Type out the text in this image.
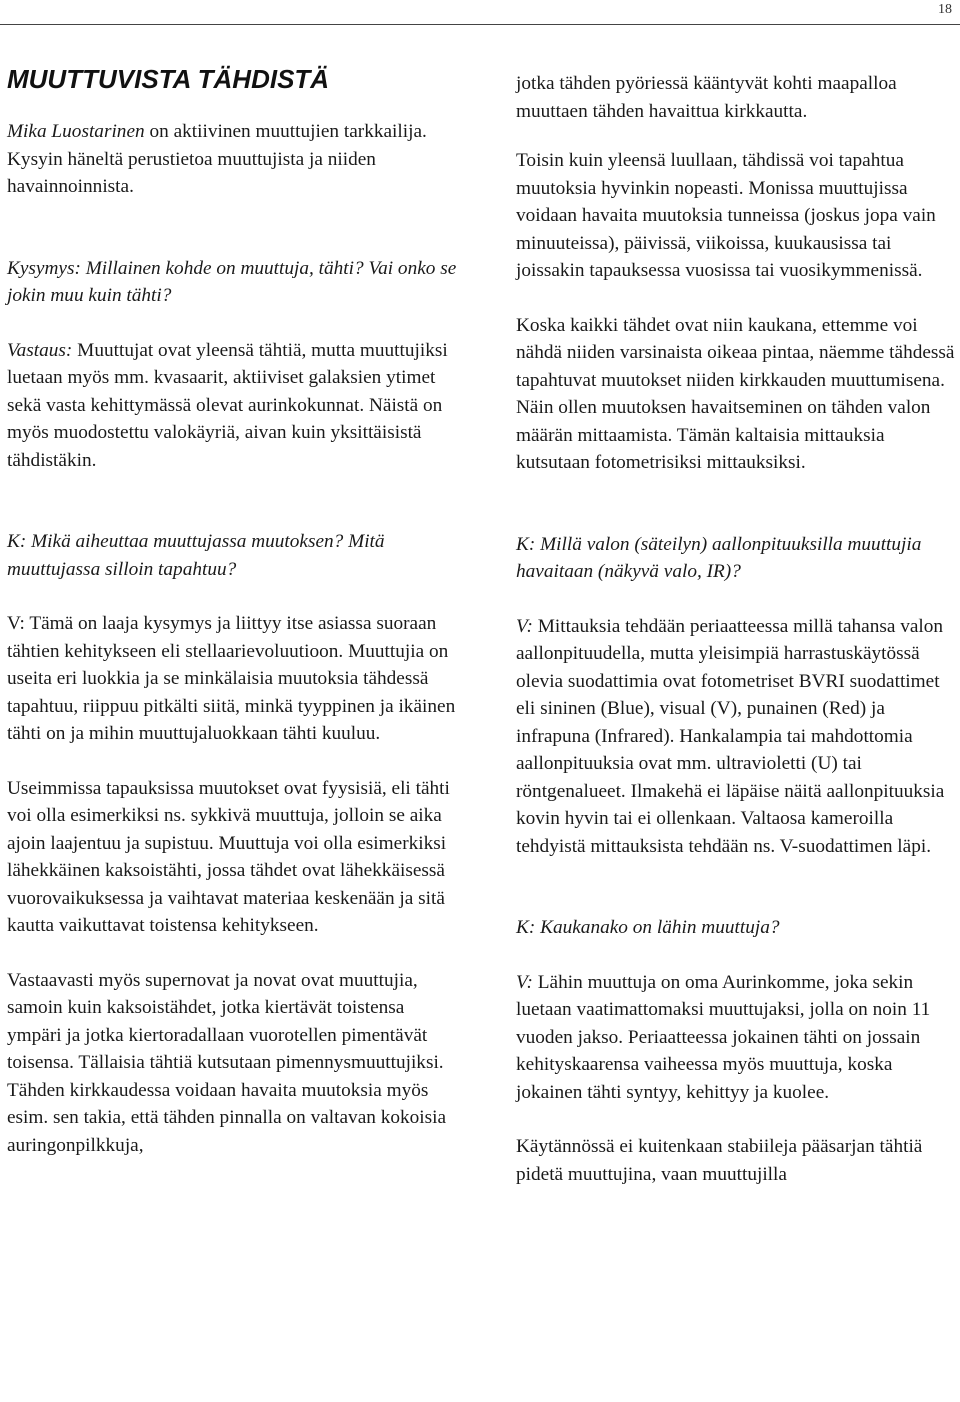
18
MUUTTUVISTA TÄHDISTÄ

Mika Luostarinen on aktiivinen muuttujien tarkkailija. Kysyin häneltä perustietoa muuttujista ja niiden havainnoinnista.

Kysymys: Millainen kohde on muuttuja, tähti? Vai onko se jokin muu kuin tähti?

Vastaus: Muuttujat ovat yleensä tähtiä, mutta muuttujiksi luetaan myös mm. kvasaarit, aktiiviset galaksien ytimet sekä vasta kehittymässä olevat aurinkokunnat. Näistä on myös muodostettu valokäyriä, aivan kuin yksittäisistä tähdistäkin.

K: Mikä aiheuttaa muuttujassa muutoksen? Mitä muuttujassa silloin tapahtuu?

V: Tämä on laaja kysymys ja liittyy itse asiassa suoraan tähtien kehitykseen eli stellaarievoluutioon. Muuttujia on useita eri luokkia ja se minkälaisia muutoksia tähdessä tapahtuu, riippuu pitkälti siitä, minkä tyyppinen ja ikäinen tähti on ja mihin muuttujaluokkaan tähti kuuluu.

Useimmissa tapauksissa muutokset ovat fyysisiä, eli tähti voi olla esimerkiksi ns. sykkivä muuttuja, jolloin se aika ajoin laajentuu ja supistuu. Muuttuja voi olla esimerkiksi lähekkäinen kaksoistähti, jossa tähdet ovat lähekkäisessä vuorovaikuksessa ja vaihtavat materiaa keskenään ja sitä kautta vaikuttavat toistensa kehitykseen.

Vastaavasti myös supernovat ja novat ovat muuttujia, samoin kuin kaksoistähdet, jotka kiertävät toistensa ympäri ja jotka kiertoradallaan vuorotellen pimentävät toisensa. Tällaisia tähtiä kutsutaan pimennysmuuttujiksi. Tähden kirkkaudessa voidaan havaita muutoksia myös esim. sen takia, että tähden pinnalla on valtavan kokoisia auringonpilkkuja,

jotka tähden pyöriessä kääntyvät kohti maapalloa muuttaen tähden havaittua kirkkautta.

Toisin kuin yleensä luullaan, tähdissä voi tapahtua muutoksia hyvinkin nopeasti. Monissa muuttujissa voidaan havaita muutoksia tunneissa (joskus jopa vain minuuteissa), päivissä, viikoissa, kuukausissa tai joissakin tapauksessa vuosissa tai vuosikymmenissä.

Koska kaikki tähdet ovat niin kaukana, ettemme voi nähdä niiden varsinaista oikeaa pintaa, näemme tähdessä tapahtuvat muutokset niiden kirkkauden muuttumisena. Näin ollen muutoksen havaitseminen on tähden valon määrän mittaamista. Tämän kaltaisia mittauksia kutsutaan fotometrisiksi mittauksiksi.

K: Millä valon (säteilyn) aallonpituuksilla muuttujia havaitaan (näkyvä valo, IR)?

V: Mittauksia tehdään periaatteessa millä tahansa valon aallonpituudella, mutta yleisimpiä harrastuskäytössä olevia suodattimia ovat fotometriset BVRI suodattimet eli sininen (Blue), visual (V), punainen (Red) ja infrapuna (Infrared). Hankalampia tai mahdottomia aallonpituuksia ovat mm. ultravioletti (U) tai röntgenalueet. Ilmakehä ei läpäise näitä aallonpituuksia kovin hyvin tai ei ollenkaan. Valtaosa kameroilla tehdyistä mittauksista tehdään ns. V-suodattimen läpi.

K: Kaukanako on lähin muuttuja?

V: Lähin muuttuja on oma Aurinkomme, joka sekin luetaan vaatimattomaksi muuttujaksi, jolla on noin 11 vuoden jakso. Periaatteessa jokainen tähti on jossain kehityskaarensa vaiheessa myös muuttuja, koska jokainen tähti syntyy, kehittyy ja kuolee.

Käytännössä ei kuitenkaan stabiileja pääsarjan tähtiä pidetä muuttujina, vaan muuttujilla
